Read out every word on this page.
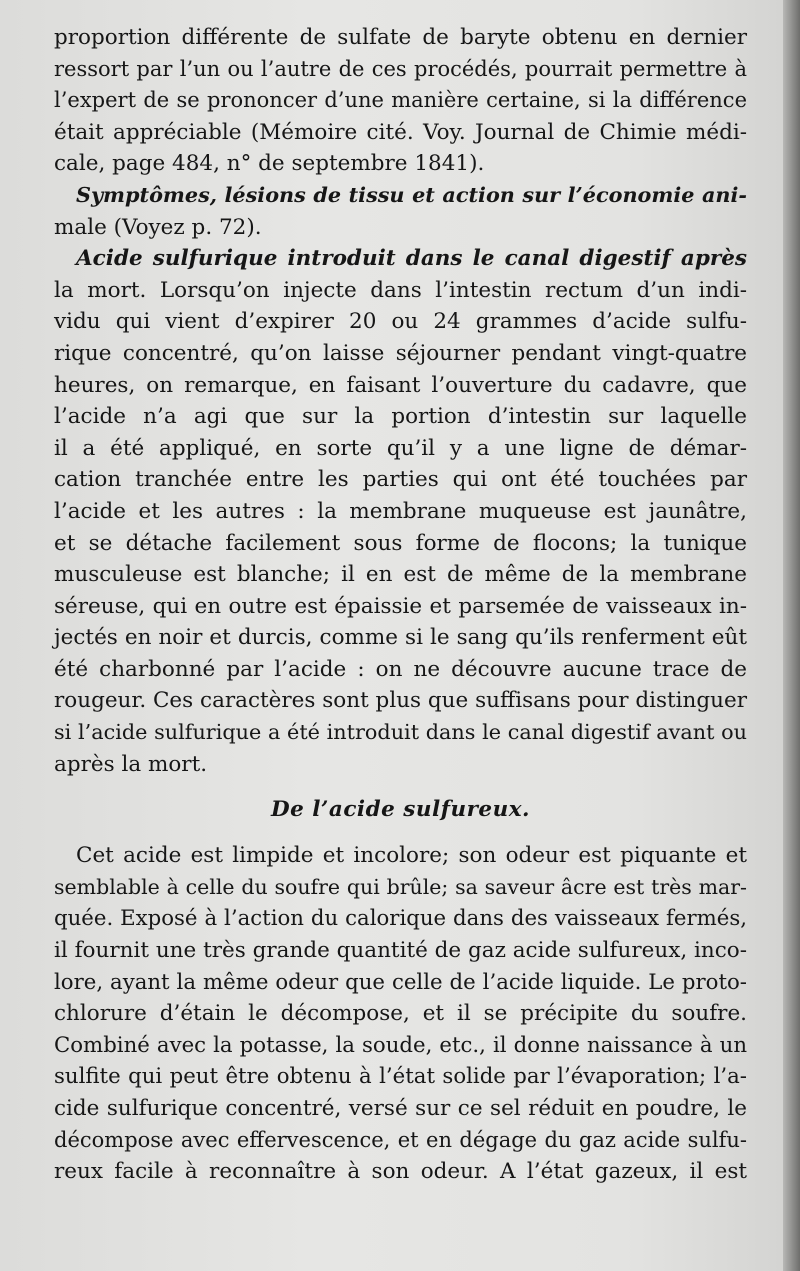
proportion différente de sulfate de baryte obtenu en dernier
ressort par l’un ou l’autre de ces procédés, pourrait permettre à
l’expert de se prononcer d’une manière certaine, si la différence
était appréciable (Mémoire cité. Voy. Journal de Chimie médi-
cale, page 484, n° de septembre 1841).
Symptômes, lésions de tissu et action sur l’économie ani-
male (Voyez p. 72).
Acide sulfurique introduit dans le canal digestif après
la mort. Lorsqu’on injecte dans l’intestin rectum d’un indi-
vidu qui vient d’expirer 20 ou 24 grammes d’acide sulfu-
rique concentré, qu’on laisse séjourner pendant vingt-quatre
heures, on remarque, en faisant l’ouverture du cadavre, que
l’acide n’a agi que sur la portion d’intestin sur laquelle
il a été appliqué, en sorte qu’il y a une ligne de démar-
cation tranchée entre les parties qui ont été touchées par
l’acide et les autres : la membrane muqueuse est jaunâtre,
et se détache facilement sous forme de flocons; la tunique
musculeuse est blanche; il en est de même de la membrane
séreuse, qui en outre est épaissie et parsemée de vaisseaux in-
jectés en noir et durcis, comme si le sang qu’ils renferment eût
été charbonné par l’acide : on ne découvre aucune trace de
rougeur. Ces caractères sont plus que suffisans pour distinguer
si l’acide sulfurique a été introduit dans le canal digestif avant ou
après la mort.
De l’acide sulfureux.
Cet acide est limpide et incolore; son odeur est piquante et
semblable à celle du soufre qui brûle; sa saveur âcre est très mar-
quée. Exposé à l’action du calorique dans des vaisseaux fermés,
il fournit une très grande quantité de gaz acide sulfureux, inco-
lore, ayant la même odeur que celle de l’acide liquide. Le proto-
chlorure d’étain le décompose, et il se précipite du soufre.
Combiné avec la potasse, la soude, etc., il donne naissance à un
sulfite qui peut être obtenu à l’état solide par l’évaporation; l’a-
cide sulfurique concentré, versé sur ce sel réduit en poudre, le
décompose avec effervescence, et en dégage du gaz acide sulfu-
reux facile à reconnaître à son odeur. A l’état gazeux, il est
